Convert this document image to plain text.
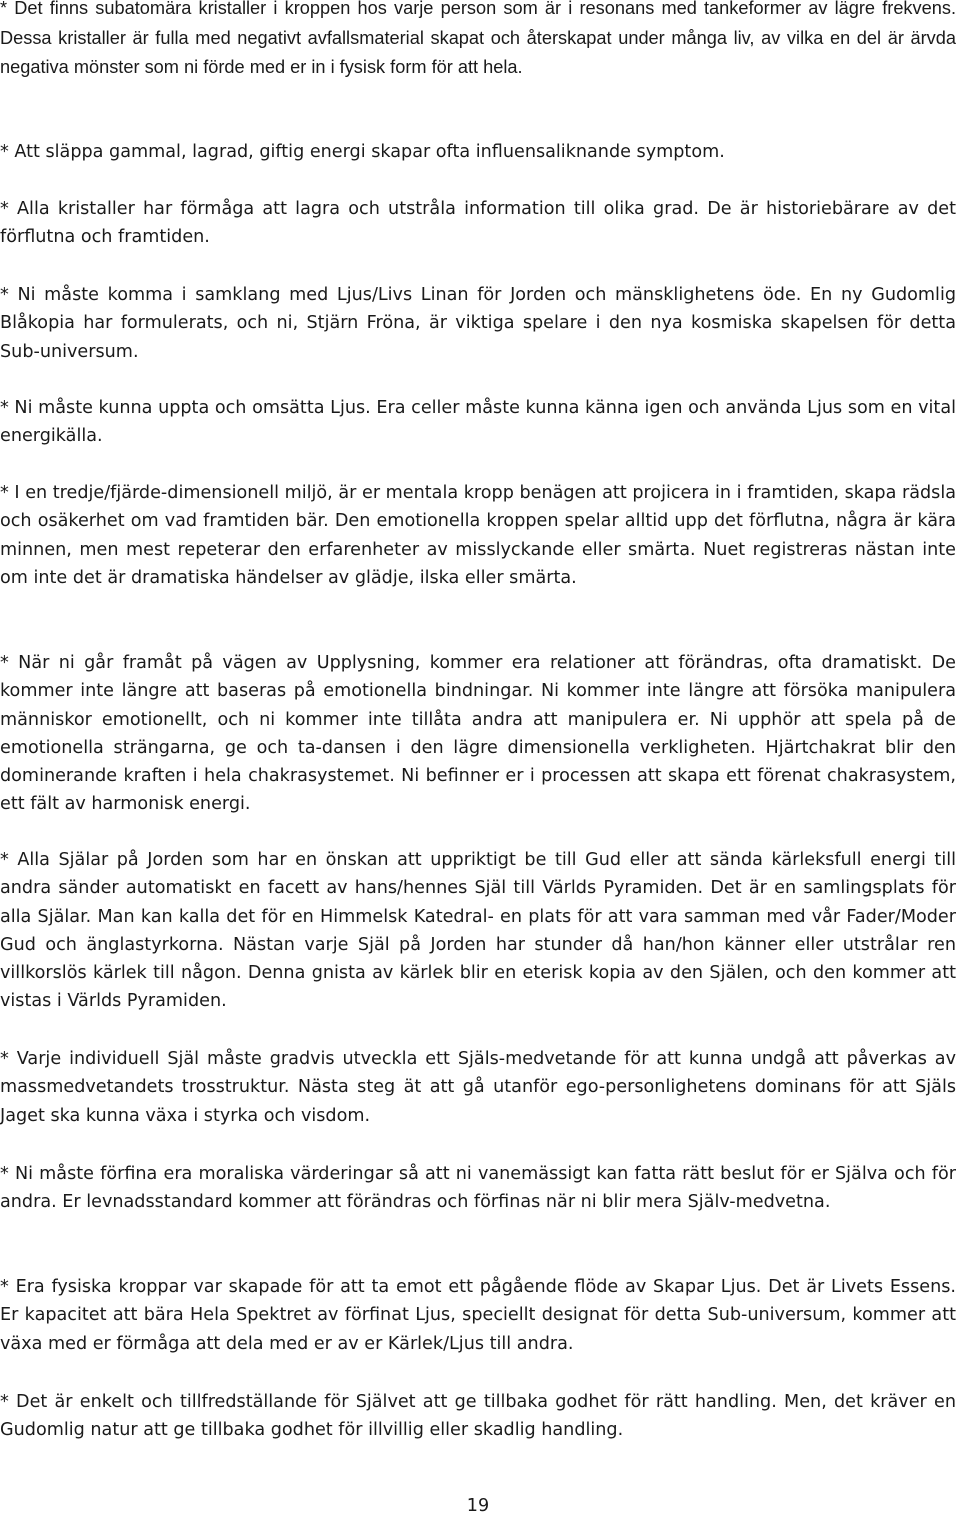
* Det finns subatomära kristaller i kroppen hos varje person som är i resonans med tankeformer av lägre frekvens. Dessa kristaller är fulla med negativt avfallsmaterial skapat och återskapat under många liv, av vilka en del är ärvda negativa mönster som ni förde med er in i fysisk form för att hela.

* Att släppa gammal, lagrad, giftig energi skapar ofta influensaliknande symptom.

* Alla kristaller har förmåga att lagra och utstråla information till olika grad. De är historiebärare av det förflutna och framtiden.

* Ni måste komma i samklang med Ljus/Livs Linan för Jorden och mänsklighetens öde. En ny Gudomlig Blåkopia har formulerats, och ni, Stjärn Fröna, är viktiga spelare i den nya kosmiska skapelsen för detta Sub-universum.

* Ni måste kunna uppta och omsätta Ljus. Era celler måste kunna känna igen och använda Ljus som en vital energikälla.

* I en tredje/fjärde-dimensionell miljö, är er mentala kropp benägen att projicera in i framtiden, skapa rädsla och osäkerhet om vad framtiden bär. Den emotionella kroppen spelar alltid upp det förflutna, några är kära minnen, men mest repeterar den erfarenheter av misslyckande eller smärta. Nuet registreras nästan inte om inte det är dramatiska händelser av glädje, ilska eller smärta.

* När ni går framåt på vägen av Upplysning, kommer era relationer att förändras, ofta dramatiskt. De kommer inte längre att baseras på emotionella bindningar. Ni kommer inte längre att försöka manipulera människor emotionellt, och ni kommer inte tillåta andra att manipulera er. Ni upphör att spela på de emotionella strängarna, ge och ta-dansen i den lägre dimensionella verkligheten. Hjärtchakrat blir den dominerande kraften i hela chakrasystemet. Ni befinner er i processen att skapa ett förenat chakrasystem, ett fält av harmonisk energi.

* Alla Själar på Jorden som har en önskan att uppriktigt be till Gud eller att sända kärleksfull energi till andra sänder automatiskt en facett av hans/hennes Själ till Världs Pyramiden. Det är en samlingsplats för alla Själar. Man kan kalla det för en Himmelsk Katedral- en plats för att vara samman med vår Fader/Moder Gud och änglastyrkorna. Nästan varje Själ på Jorden har stunder då han/hon känner eller utstrålar ren villkorslös kärlek till någon. Denna gnista av kärlek blir en eterisk kopia av den Själen, och den kommer att vistas i Världs Pyramiden.

* Varje individuell Själ måste gradvis utveckla ett Själs-medvetande för att kunna undgå att påverkas av massmedvetandets trosstruktur. Nästa steg ät att gå utanför ego-personlighetens dominans för att Själs Jaget ska kunna växa i styrka och visdom.

* Ni måste förfina era moraliska värderingar så att ni vanemässigt kan fatta rätt beslut för er Själva och för andra. Er levnadsstandard kommer att förändras och förfinas när ni blir mera Själv-medvetna.

* Era fysiska kroppar var skapade för att ta emot ett pågående flöde av Skapar Ljus. Det är Livets Essens. Er kapacitet att bära Hela Spektret av förfinat Ljus, speciellt designat för detta Sub-universum, kommer att växa med er förmåga att dela med er av er Kärlek/Ljus till andra.

* Det är enkelt och tillfredställande för Självet att ge tillbaka godhet för rätt handling. Men, det kräver en Gudomlig natur att ge tillbaka godhet för illvillig eller skadlig handling.

19
